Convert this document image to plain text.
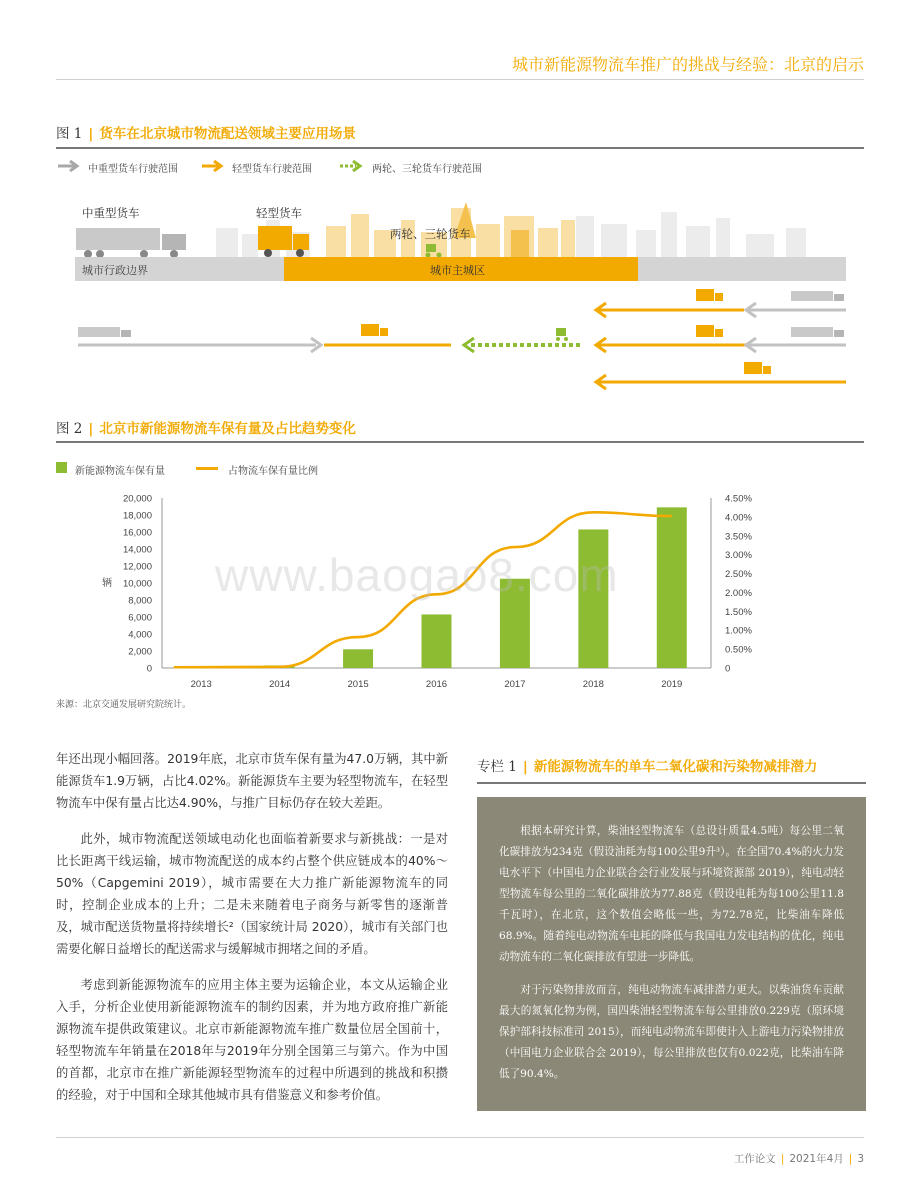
城市新能源物流车推广的挑战与经验：北京的启示
图 1 | 货车在北京城市物流配送领域主要应用场景
中重型货车行驶范围	轻型货车行驶范围	两轮、三轮货车行驶范围
中重型货车	轻型货车
两轮、三轮货车
城市行政边界	城市主城区
图 2 | 北京市新能源物流车保有量及占比趋势变化
新能源物流车保有量	占物流车保有量比例
20,000
18,000
16,000
14,000
12,000
10,000
8,000
6,000
4,000
2,000
0
辆
4.50%
4.00%
3.50%
3.00%
2.50%
2.00%
1.50%
1.00%
0.50%
0
2013	2014	2015	2016	2017	2018	2019
www.baogao8.com
来源：北京交通发展研究院统计。

年还出现小幅回落。2019年底，北京市货车保有量为47.0万辆，其中新能源货车1.9万辆，占比4.02%。新能源货车主要为轻型物流车，在轻型物流车中保有量占比达4.90%，与推广目标仍存在较大差距。

此外，城市物流配送领域电动化也面临着新要求与新挑战：一是对比长距离干线运输，城市物流配送的成本约占整个供应链成本的40%～50%（Capgemini 2019），城市需要在大力推广新能源物流车的同时，控制企业成本的上升；二是未来随着电子商务与新零售的逐渐普及，城市配送货物量将持续增长²（国家统计局 2020），城市有关部门也需要化解日益增长的配送需求与缓解城市拥堵之间的矛盾。

考虑到新能源物流车的应用主体主要为运输企业，本文从运输企业入手，分析企业使用新能源物流车的制约因素，并为地方政府推广新能源物流车提供政策建议。北京市新能源物流车推广数量位居全国前十，轻型物流车年销量在2018年与2019年分别全国第三与第六。作为中国的首都，北京市在推广新能源轻型物流车的过程中所遇到的挑战和积攒的经验，对于中国和全球其他城市具有借鉴意义和参考价值。

专栏 1 | 新能源物流车的单车二氧化碳和污染物减排潜力

根据本研究计算，柴油轻型物流车（总设计质量4.5吨）每公里二氧化碳排放为234克（假设油耗为每100公里9升³）。在全国70.4%的火力发电水平下（中国电力企业联合会行业发展与环境资源部 2019），纯电动轻型物流车每公里的二氧化碳排放为77.88克（假设电耗为每100公里11.8千瓦时），在北京，这个数值会略低一些，为72.78克，比柴油车降低68.9%。随着纯电动物流车电耗的降低与我国电力发电结构的优化，纯电动物流车的二氧化碳排放有望进一步降低。

对于污染物排放而言，纯电动物流车减排潜力更大。以柴油货车贡献最大的氮氧化物为例，国四柴油轻型物流车每公里排放0.229克（原环境保护部科技标准司 2015），而纯电动物流车即使计入上游电力污染物排放（中国电力企业联合会 2019），每公里排放也仅有0.022克，比柴油车降低了90.4%。

工作论文 | 2021年4月 | 3
